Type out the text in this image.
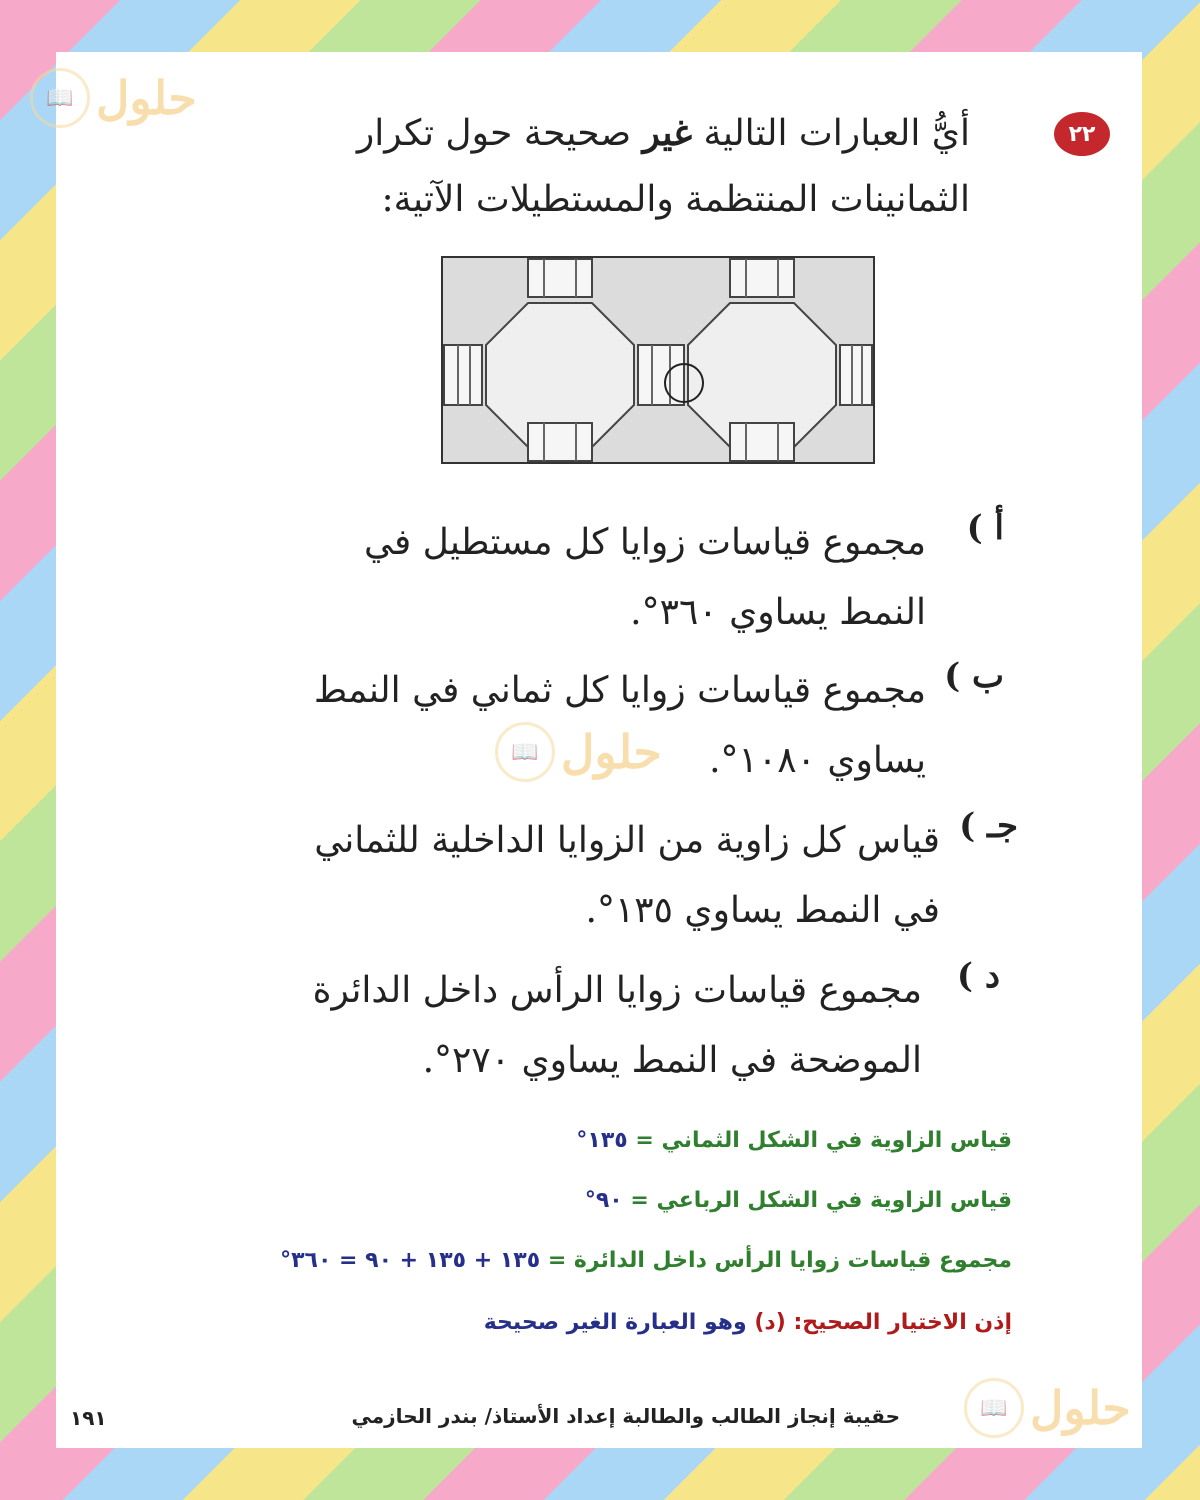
📖 حلول
📖 حلول
📖 حلول
٢٢
أيُّ العبارات التالية غير صحيحة حول تكرار
الثمانينات المنتظمة والمستطيلات الآتية:
أ )
مجموع قياسات زوايا كل مستطيل في
النمط يساوي ٣٦٠°.
ب )
مجموع قياسات زوايا كل ثماني في النمط
يساوي ١٠٨٠°.
جـ )
قياس كل زاوية من الزوايا الداخلية للثماني
في النمط يساوي ١٣٥°.
د )
مجموع قياسات زوايا الرأس داخل الدائرة
الموضحة في النمط يساوي ٢٧٠°.
قياس الزاوية في الشكل الثماني = ١٣٥°
قياس الزاوية في الشكل الرباعي = ٩٠°
مجموع قياسات زوايا الرأس داخل الدائرة = ١٣٥ + ١٣٥ + ٩٠ = ٣٦٠°
إذن الاختيار الصحيح: (د) وهو العبارة الغير صحيحة
حقيبة إنجاز الطالب والطالبة إعداد الأستاذ/ بندر الحازمي
١٩١
